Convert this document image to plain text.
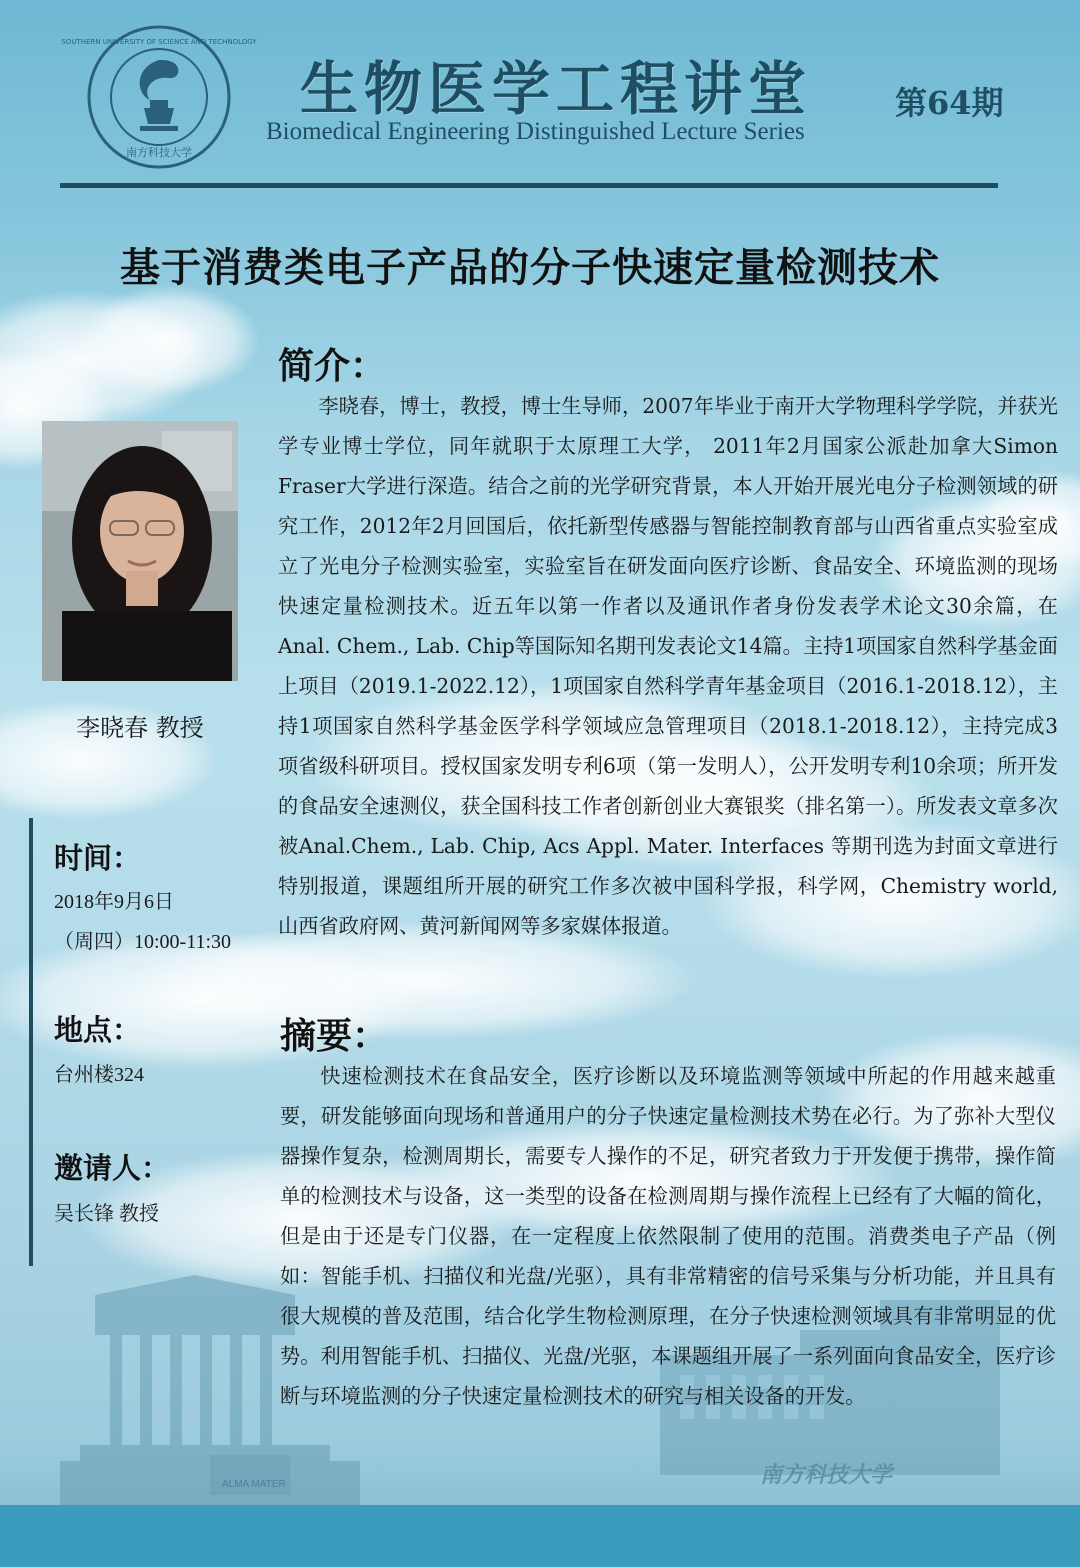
南方科技大学
SOUTHERN UNIVERSITY OF SCIENCE AND TECHNOLOGY
生物医学工程讲堂
Biomedical Engineering Distinguished Lecture Series
第64期
基于消费类电子产品的分子快速定量检测技术
李晓春 教授
时间：
2018年9月6日
（周四）10:00-11:30
地点：
台州楼324
邀请人：
吴长锋 教授
简介：
李晓春，博士，教授，博士生导师，2007年毕业于南开大学物理科学学院，并获光学专业博士学位，同年就职于太原理工大学， 2011年2月国家公派赴加拿大Simon Fraser大学进行深造。结合之前的光学研究背景，本人开始开展光电分子检测领域的研究工作，2012年2月回国后，依托新型传感器与智能控制教育部与山西省重点实验室成立了光电分子检测实验室，实验室旨在研发面向医疗诊断、食品安全、环境监测的现场快速定量检测技术。近五年以第一作者以及通讯作者身份发表学术论文30余篇，在Anal. Chem., Lab. Chip等国际知名期刊发表论文14篇。主持1项国家自然科学基金面上项目（2019.1-2022.12），1项国家自然科学青年基金项目（2016.1-2018.12），主持1项国家自然科学基金医学科学领域应急管理项目（2018.1-2018.12），主持完成3项省级科研项目。授权国家发明专利6项（第一发明人），公开发明专利10余项；所开发的食品安全速测仪，获全国科技工作者创新创业大赛银奖（排名第一）。所发表文章多次被Anal.Chem., Lab. Chip, Acs Appl. Mater. Interfaces 等期刊选为封面文章进行特别报道，课题组所开展的研究工作多次被中国科学报，科学网，Chemistry world, 山西省政府网、黄河新闻网等多家媒体报道。
摘要：
快速检测技术在食品安全，医疗诊断以及环境监测等领域中所起的作用越来越重要，研发能够面向现场和普通用户的分子快速定量检测技术势在必行。为了弥补大型仪器操作复杂，检测周期长，需要专人操作的不足，研究者致力于开发便于携带，操作简单的检测技术与设备，这一类型的设备在检测周期与操作流程上已经有了大幅的简化，但是由于还是专门仪器，在一定程度上依然限制了使用的范围。消费类电子产品（例如：智能手机、扫描仪和光盘/光驱），具有非常精密的信号采集与分析功能，并且具有很大规模的普及范围，结合化学生物检测原理，在分子快速检测领域具有非常明显的优势。利用智能手机、扫描仪、光盘/光驱，本课题组开展了一系列面向食品安全，医疗诊断与环境监测的分子快速定量检测技术的研究与相关设备的开发。
南方科技大学
ALMA MATER
